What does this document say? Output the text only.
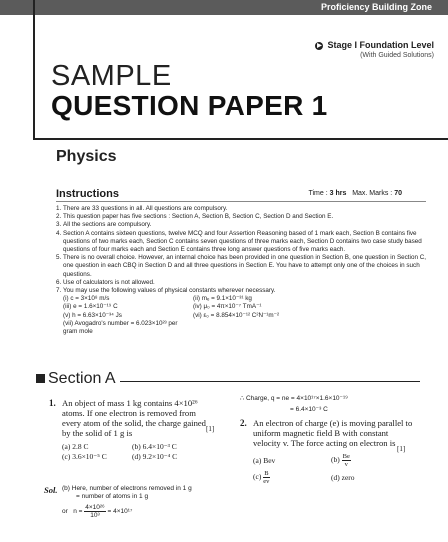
Proficiency Building Zone
▶ Stage I Foundation Level
(With Guided Solutions)
SAMPLE
QUESTION PAPER 1
Physics
Instructions	Time : 3 hrs Max. Marks : 70
1. There are 33 questions in all. All questions are compulsory.
2. This question paper has five sections : Section A, Section B, Section C, Section D and Section E.
3. All the sections are compulsory.
4. Section A contains sixteen questions, twelve MCQ and four Assertion Reasoning based of 1 mark each, Section B contains five questions of two marks each, Section C contains seven questions of three marks each, Section D contains two case study based questions of four marks each and Section E contains three long answer questions of five marks each.
5. There is no overall choice. However, an internal choice has been provided in one question in Section B, one question in Section C, one question in each CBQ in Section D and all three questions in Section E. You have to attempt only one of the choices in such questions.
6. Use of calculators is not allowed.
7. You may use the following values of physical constants wherever necessary.
(i) c = 3×10⁸ m/s	(ii) mₑ = 9.1×10⁻³¹ kg
(iii) e = 1.6×10⁻¹⁹ C	(iv) μ₀ = 4π×10⁻⁷ TmA⁻¹
(v) h = 6.63×10⁻³⁴ Js	(vi) ε₀ = 8.854×10⁻¹² C²N⁻¹m⁻²
(vii) Avogadro's number = 6.023×10²³ per gram mole
Section A
1. An object of mass 1 kg contains 4×10²⁶ atoms. If one electron is removed from every atom of the solid, the charge gained by the solid of 1 g is
(a) 2.8 C	(b) 6.4×10⁻³ C
(c) 3.6×10⁻⁵ C	(d) 9.2×10⁻⁴ C
[1]
Sol. (b) Here, number of electrons removed in 1 g
= number of atoms in 1 g
or $n = \frac{\text{4×10²⁶}}{\text{10³}} = 4\times 10^{17}$
∴ Charge, q = ne = 4×10¹⁷×1.6×10⁻¹⁹
= 6.4×10⁻³ C
2. An electron of charge (e) is moving parallel to uniform magnetic field B with constant velocity v. The force acting on electron is
(a) Bev	$(b) \frac{Be}{v}$
$(c) \frac{B}{ev}$	(d) zero
[1]
